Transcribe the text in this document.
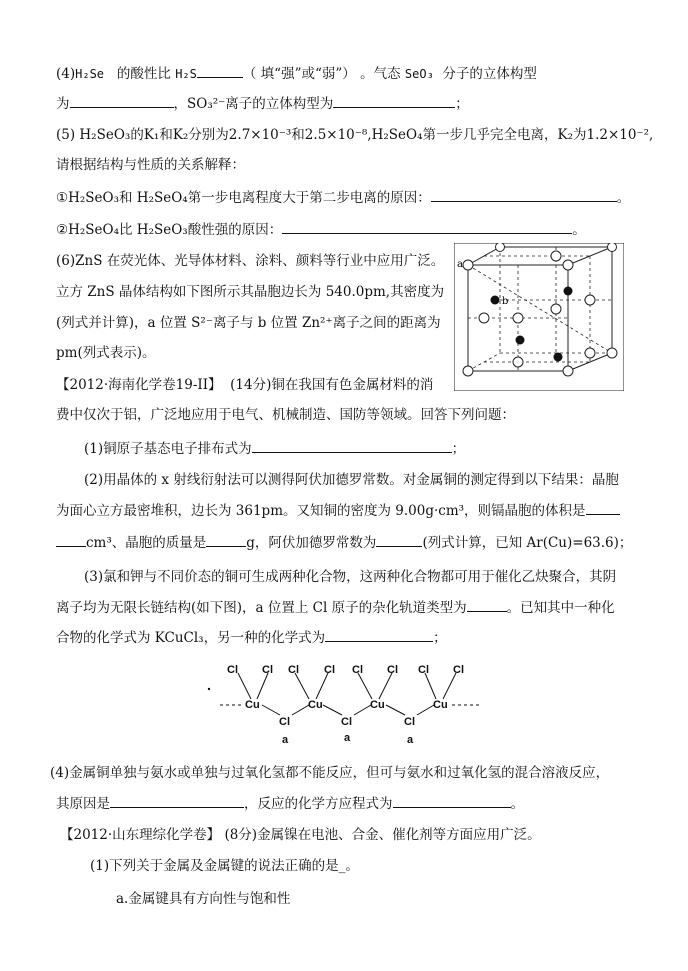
(4)H₂Se 的酸性比 H₂S	（ 填“强”或“弱”） 。气态 SeO₃ 分子的立体构型
为	，SO₃²⁻离子的立体构型为	；
(5) H₂SeO₃的K₁和K₂分别为2.7×10⁻³和2.5×10⁻⁸,H₂SeO₄第一步几乎完全电离，K₂为1.2×10⁻²,
请根据结构与性质的关系解释：
①H₂SeO₃和 H₂SeO₄第一步电离程度大于第二步电离的原因：	。
②H₂SeO₄比 H₂SeO₃酸性强的原因：	。
(6)ZnS 在荧光体、光导体材料、涂料、颜料等行业中应用广泛。
立方 ZnS 晶体结构如下图所示其晶胞边长为 540.0pm,其密度为
(列式并计算)，a 位置 S²⁻离子与 b 位置 Zn²⁺离子之间的距离为
pm(列式表示)。
a
b
【2012·海南化学卷19-II】 (14分)铜在我国有色金属材料的消
费中仅次于铝，广泛地应用于电气、机械制造、国防等领域。回答下列问题：
(1)铜原子基态电子排布式为	；
(2)用晶体的 x 射线衍射法可以测得阿伏加德罗常数。对金属铜的测定得到以下结果：晶胞
为面心立方最密堆积，边长为 361pm。又知铜的密度为 9.00g·cm³，则镉晶胞的体积是
cm³、晶胞的质量是	g，阿伏加德罗常数为	(列式计算，已知 Ar(Cu)=63.6)；
(3)氯和钾与不同价态的铜可生成两种化合物，这两种化合物都可用于催化乙炔聚合，其阴
离子均为无限长链结构(如下图)，a 位置上 Cl 原子的杂化轨道类型为	。已知其中一种化
合物的化学式为 KCuCl₃，另一种的化学式为	；
Cl Cl Cl Cl Cl Cl Cl Cl
Cu	Cu	Cu	Cu
Cl	Cl	Cl
a	a	a
(4)金属铜单独与氨水或单独与过氧化氢都不能反应，但可与氨水和过氧化氢的混合溶液反应，
其原因是	，反应的化学方应程式为	。
【2012·山东理综化学卷】 (8分)金属镍在电池、合金、催化剂等方面应用广泛。
(1)下列关于金属及金属键的说法正确的是_。
a.金属键具有方向性与饱和性
